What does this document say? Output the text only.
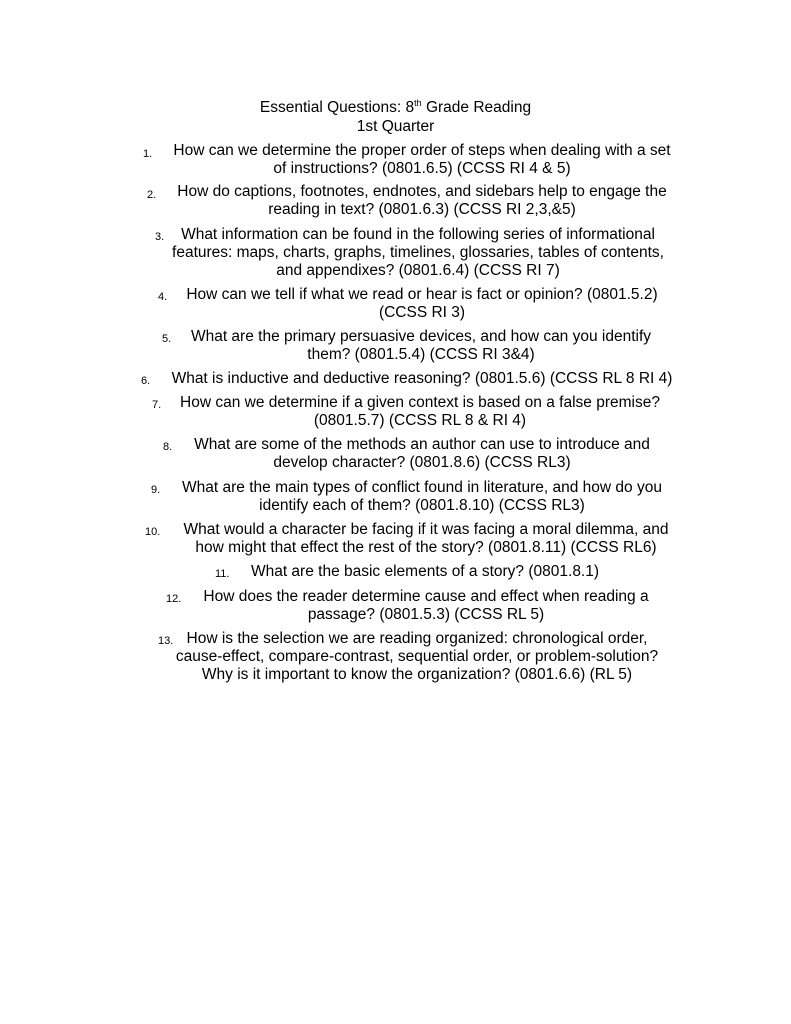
Essential Questions: 8th Grade Reading
1st Quarter
1. How can we determine the proper order of steps when dealing with a set
of instructions? (0801.6.5) (CCSS RI 4 & 5)
2. How do captions, footnotes, endnotes, and sidebars help to engage the
reading in text? (0801.6.3) (CCSS RI 2,3,&5)
3.	What information can be found in the following series of informational
features: maps, charts, graphs, timelines, glossaries, tables of contents,
and appendixes? (0801.6.4) (CCSS RI 7)
4. How can we tell if what we read or hear is fact or opinion? (0801.5.2)
(CCSS RI 3)
5. What are the primary persuasive devices, and how can you identify
them? (0801.5.4) (CCSS RI 3&4)
6. What is inductive and deductive reasoning? (0801.5.6) (CCSS RL 8 RI 4)
7. How can we determine if a given context is based on a false premise?
(0801.5.7) (CCSS RL 8 & RI 4)
8. What are some of the methods an author can use to introduce and
develop character? (0801.8.6) (CCSS RL3)
9. What are the main types of conflict found in literature, and how do you
identify each of them? (0801.8.10) (CCSS RL3)
10. What would a character be facing if it was facing a moral dilemma, and
how might that effect the rest of the story? (0801.8.11) (CCSS RL6)
11. What are the basic elements of a story? (0801.8.1)
12. How does the reader determine cause and effect when reading a
passage? (0801.5.3) (CCSS RL 5)
13. How is the selection we are reading organized: chronological order,
cause-effect, compare-contrast, sequential order, or problem-solution?
Why is it important to know the organization? (0801.6.6) (RL 5)
